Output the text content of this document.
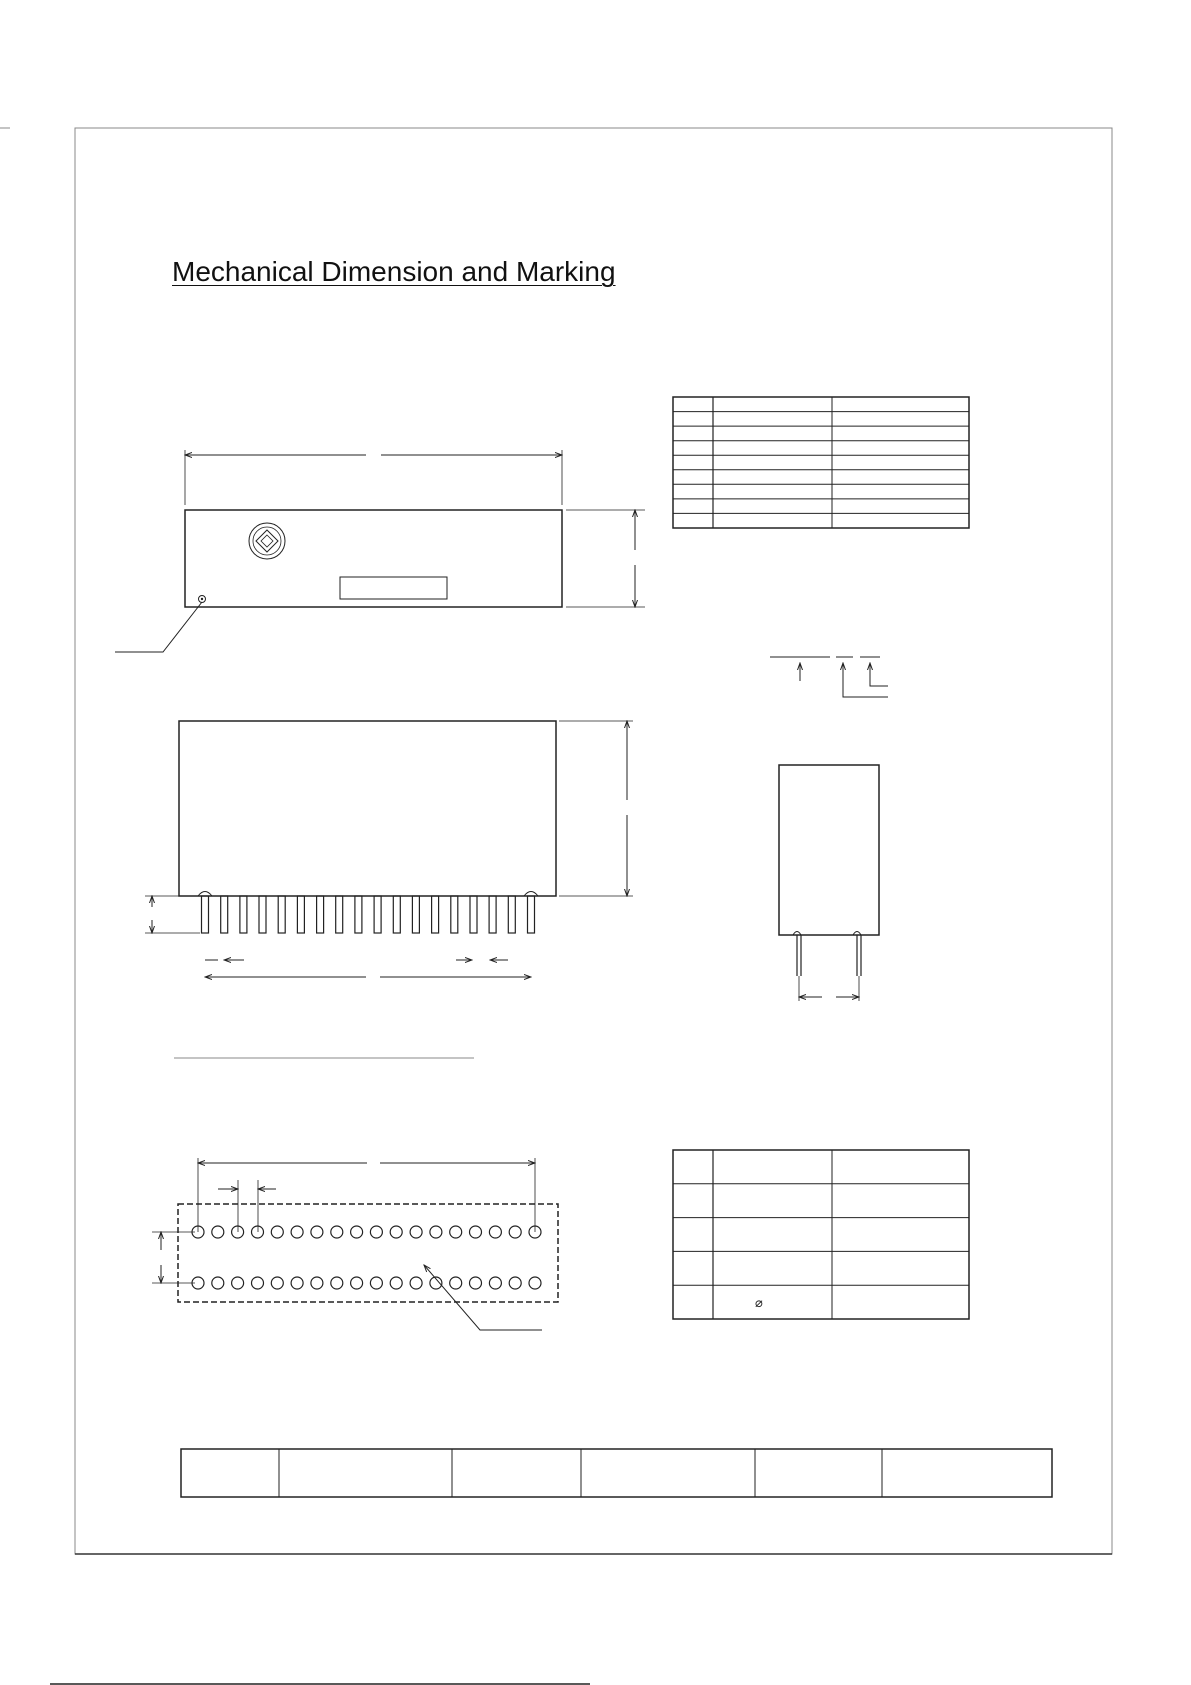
Mechanical Dimension and Marking
⌀
